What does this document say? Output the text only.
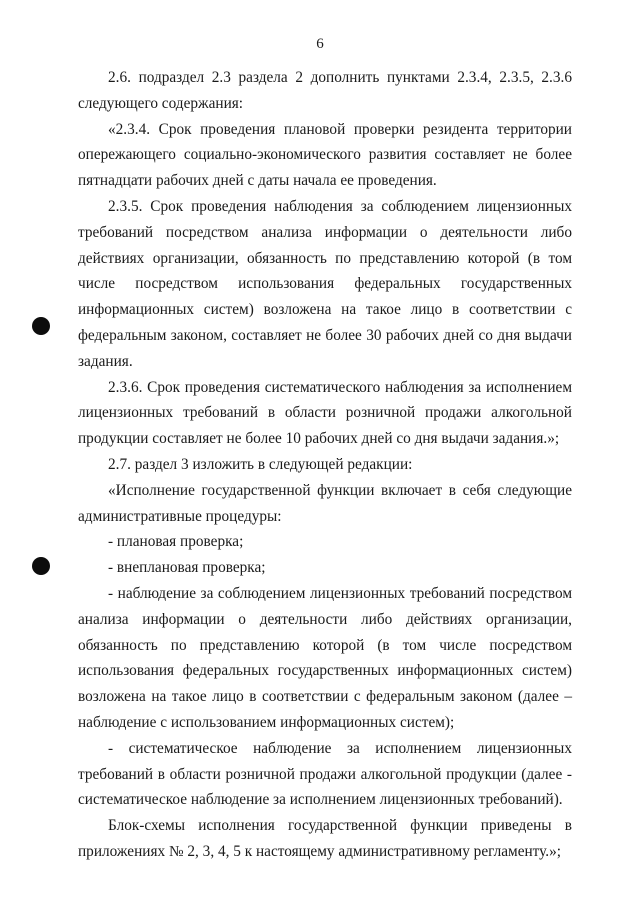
6

2.6. подраздел 2.3 раздела 2 дополнить пунктами 2.3.4, 2.3.5, 2.3.6 следующего содержания:

«2.3.4. Срок проведения плановой проверки резидента территории опережающего социально-экономического развития составляет не более пятнадцати рабочих дней с даты начала ее проведения.

2.3.5. Срок проведения наблюдения за соблюдением лицензионных требований посредством анализа информации о деятельности либо действиях организации, обязанность по представлению которой (в том числе посредством использования федеральных государственных информационных систем) возложена на такое лицо в соответствии с федеральным законом, составляет не более 30 рабочих дней со дня выдачи задания.

2.3.6. Срок проведения систематического наблюдения за исполнением лицензионных требований в области розничной продажи алкогольной продукции составляет не более 10 рабочих дней со дня выдачи задания.»;

2.7. раздел 3 изложить в следующей редакции:

«Исполнение государственной функции включает в себя следующие административные процедуры:

- плановая проверка;

- внеплановая проверка;

- наблюдение за соблюдением лицензионных требований посредством анализа информации о деятельности либо действиях организации, обязанность по представлению которой (в том числе посредством использования федеральных государственных информационных систем) возложена на такое лицо в соответствии с федеральным законом (далее – наблюдение с использованием информационных систем);

- систематическое наблюдение за исполнением лицензионных требований в области розничной продажи алкогольной продукции (далее - систематическое наблюдение за исполнением лицензионных требований).

Блок-схемы исполнения государственной функции приведены в приложениях № 2, 3, 4, 5 к настоящему административному регламенту.»;
